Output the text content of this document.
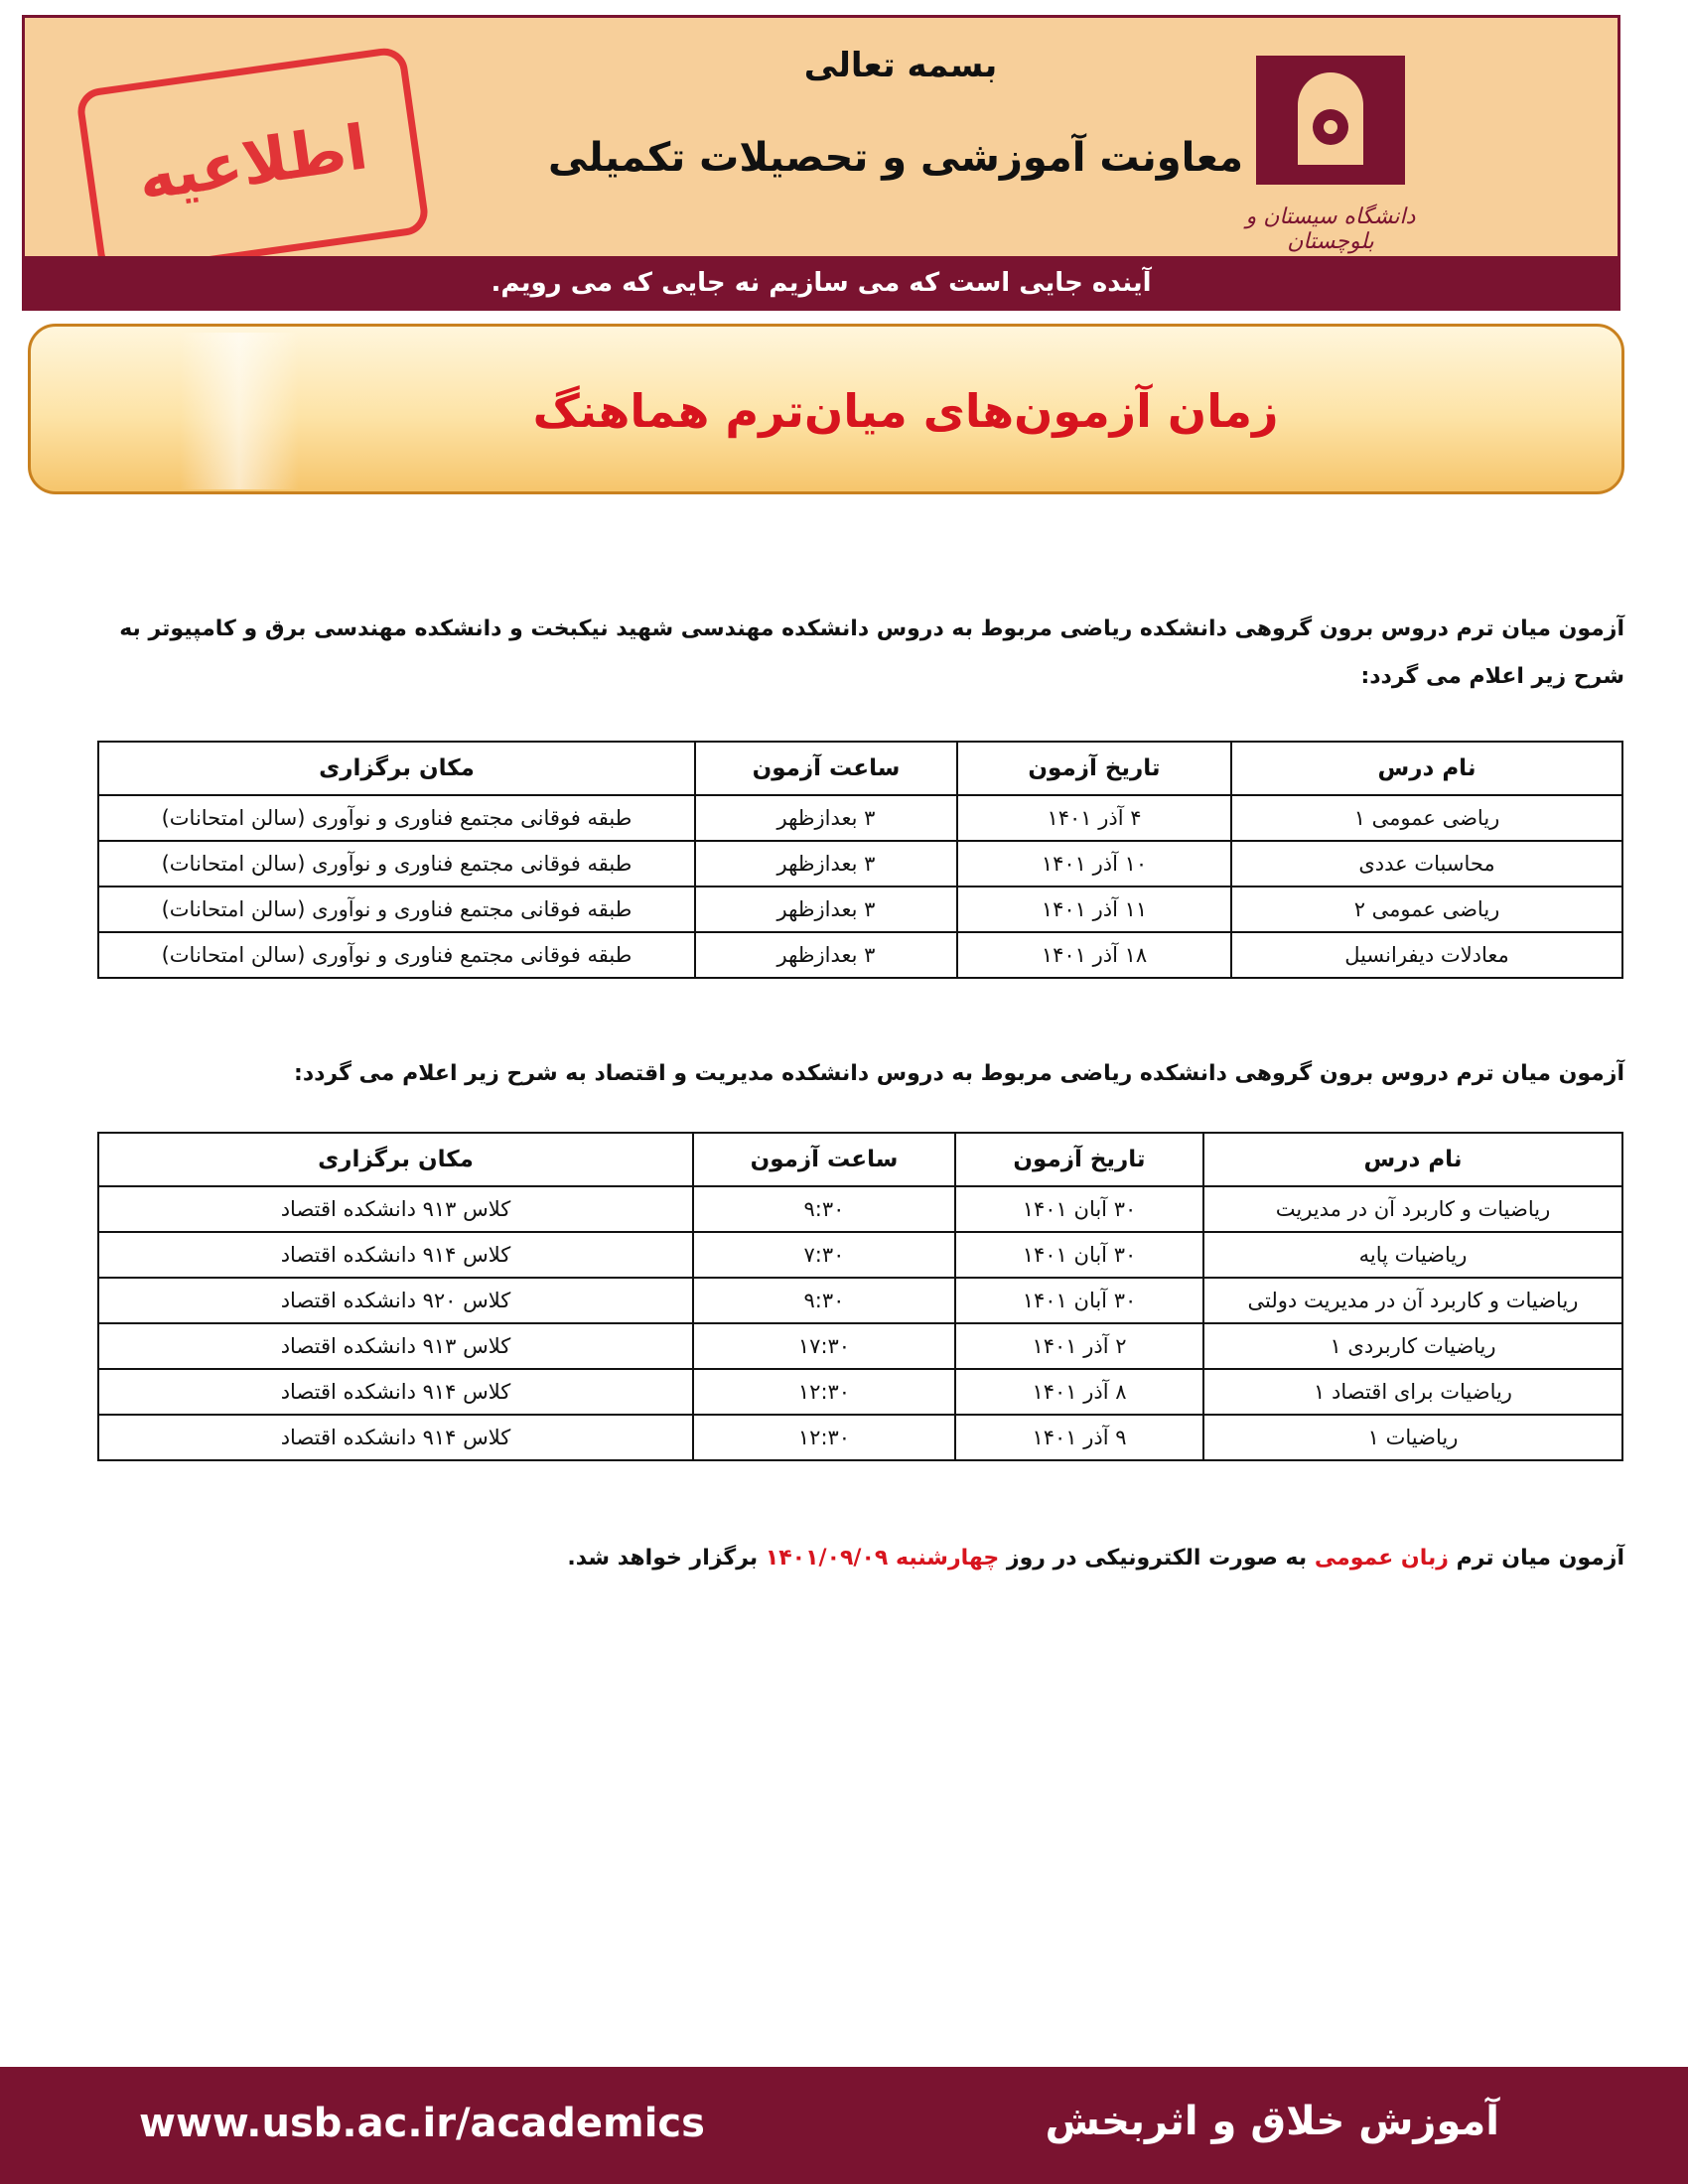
اطلاعیه
بسمه تعالی
معاونت آموزشی و تحصیلات تکمیلی
دانشگاه سیستان و بلوچستان
آینده جایی است که می سازیم نه جایی که می رویم.
زمان آزمون‌های میان‌ترم هماهنگ
آزمون میان ترم دروس برون گروهی دانشکده ریاضی مربوط به دروس دانشکده مهندسی شهید نیکبخت و دانشکده مهندسی برق و کامپیوتر به شرح زیر اعلام می گردد:
نام درس	تاریخ آزمون	ساعت آزمون	مکان برگزاری
ریاضی عمومی ۱	۴ آذر ۱۴۰۱	۳ بعدازظهر	طبقه فوقانی مجتمع فناوری و نوآوری (سالن امتحانات)
محاسبات عددی	۱۰ آذر ۱۴۰۱	۳ بعدازظهر	طبقه فوقانی مجتمع فناوری و نوآوری (سالن امتحانات)
ریاضی عمومی ۲	۱۱ آذر ۱۴۰۱	۳ بعدازظهر	طبقه فوقانی مجتمع فناوری و نوآوری (سالن امتحانات)
معادلات دیفرانسیل	۱۸ آذر ۱۴۰۱	۳ بعدازظهر	طبقه فوقانی مجتمع فناوری و نوآوری (سالن امتحانات)
آزمون میان ترم دروس برون گروهی دانشکده ریاضی مربوط به دروس دانشکده مدیریت و اقتصاد به شرح زیر اعلام می گردد:
نام درس	تاریخ آزمون	ساعت آزمون	مکان برگزاری
ریاضیات و کاربرد آن در مدیریت	۳۰ آبان ۱۴۰۱	۹:۳۰	کلاس ۹۱۳ دانشکده اقتصاد
ریاضیات پایه	۳۰ آبان ۱۴۰۱	۷:۳۰	کلاس ۹۱۴ دانشکده اقتصاد
ریاضیات و کاربرد آن در مدیریت دولتی	۳۰ آبان ۱۴۰۱	۹:۳۰	کلاس ۹۲۰ دانشکده اقتصاد
ریاضیات کاربردی ۱	۲ آذر ۱۴۰۱	۱۷:۳۰	کلاس ۹۱۳ دانشکده اقتصاد
ریاضیات برای اقتصاد ۱	۸ آذر ۱۴۰۱	۱۲:۳۰	کلاس ۹۱۴ دانشکده اقتصاد
ریاضیات ۱	۹ آذر ۱۴۰۱	۱۲:۳۰	کلاس ۹۱۴ دانشکده اقتصاد
آزمون میان ترم زبان عمومی به صورت الکترونیکی در روز چهارشنبه ۱۴۰۱/۰۹/۰۹ برگزار خواهد شد.
www.usb.ac.ir/academics	آموزش خلاق و اثربخش
